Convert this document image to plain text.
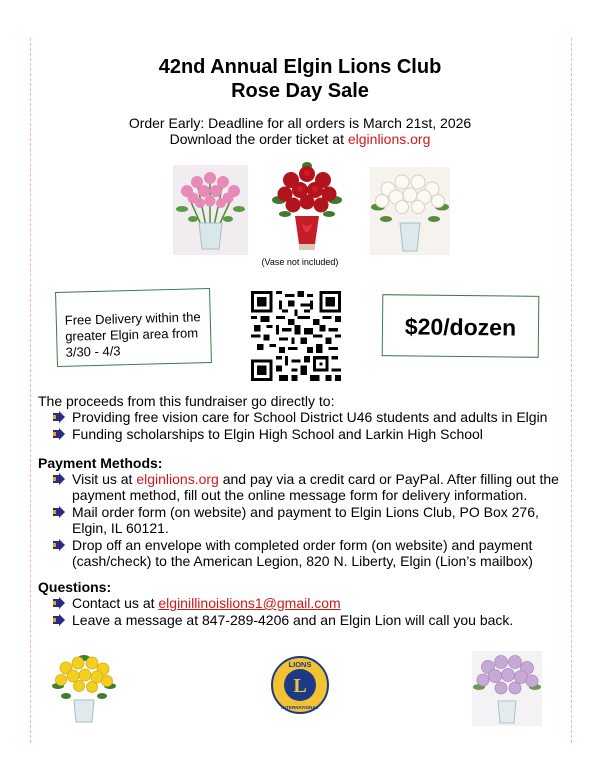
42nd Annual Elgin Lions Club
Rose Day Sale
Order Early: Deadline for all orders is March 21st, 2026
Download the order ticket at elginlions.org
(Vase not included)
Free Delivery within the greater Elgin area from 3/30 - 4/3
$20/dozen
The proceeds from this fundraiser go directly to:
Providing free vision care for School District U46 students and adults in Elgin
Funding scholarships to Elgin High School and Larkin High School
Payment Methods:
Visit us at elginlions.org and pay via a credit card or PayPal. After filling out the payment method, fill out the online message form for delivery information.
Mail order form (on website) and payment to Elgin Lions Club, PO Box 276, Elgin, IL 60121.
Drop off an envelope with completed order form (on website) and payment (cash/check) to the American Legion, 820 N. Liberty, Elgin (Lion’s mailbox)
Questions:
Contact us at elginillinoislions1@gmail.com
Leave a message at 847-289-4206 and an Elgin Lion will call you back.
L
LIONS
INTERNATIONAL
